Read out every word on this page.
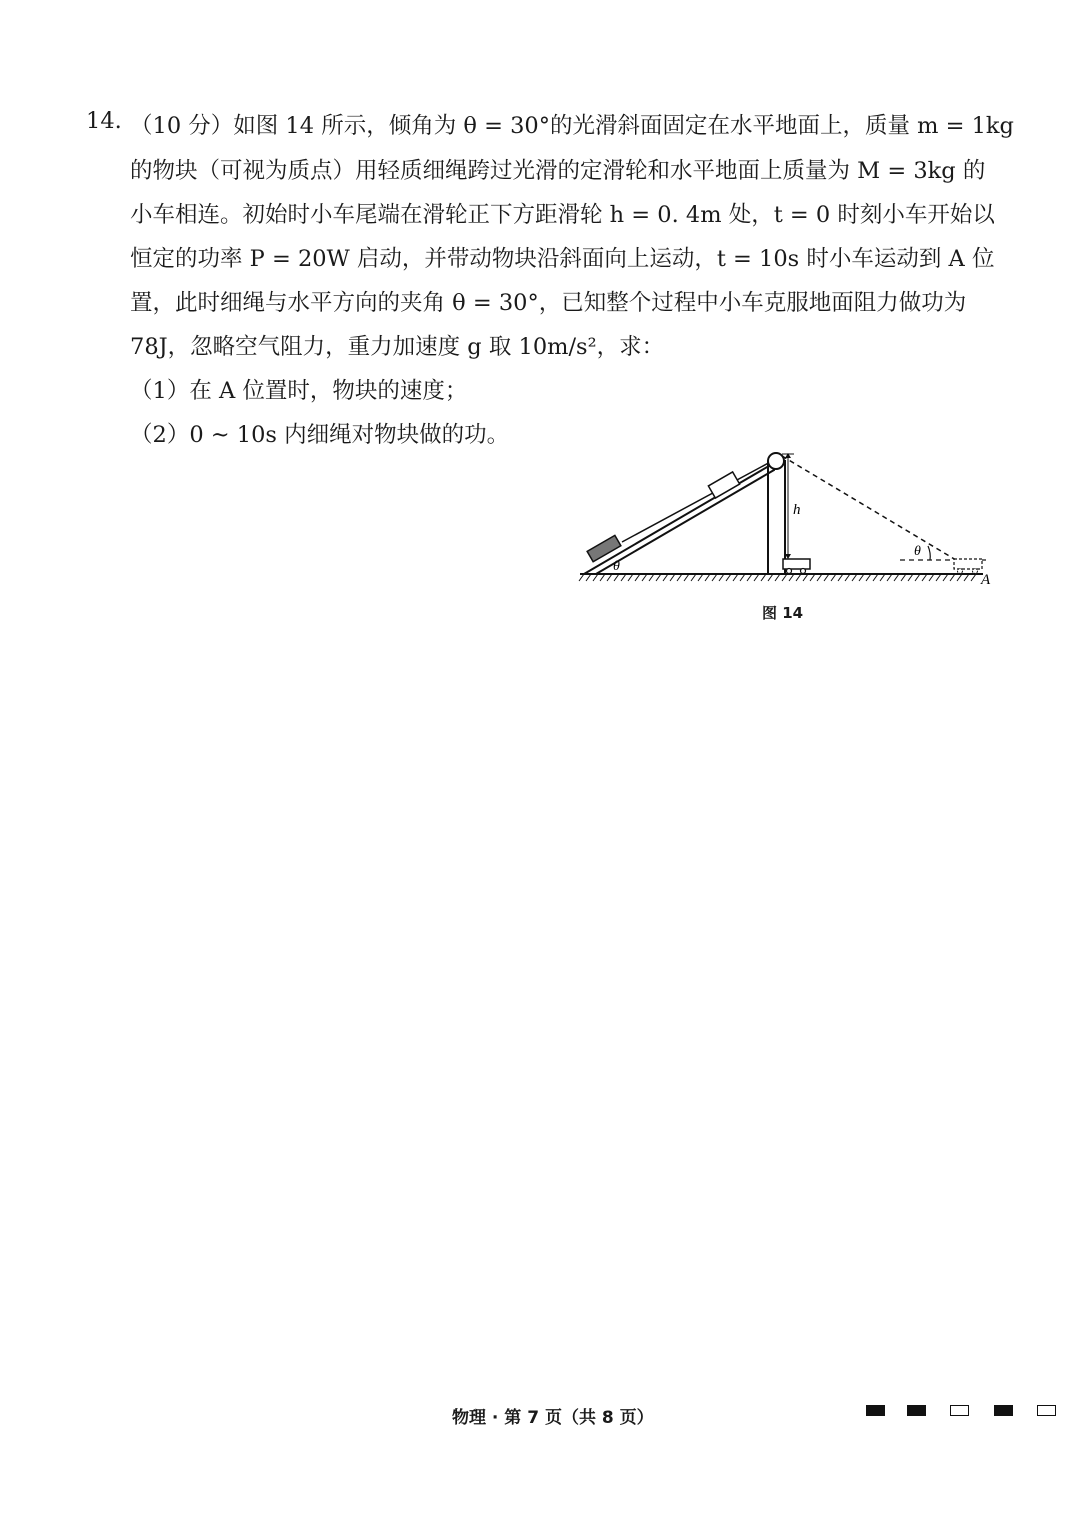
14. （10 分）如图 14 所示，倾角为 θ = 30°的光滑斜面固定在水平地面上，质量 m = 1kg
的物块（可视为质点）用轻质细绳跨过光滑的定滑轮和水平地面上质量为 M = 3kg 的
小车相连。初始时小车尾端在滑轮正下方距滑轮 h = 0. 4m 处，t = 0 时刻小车开始以
恒定的功率 P = 20W 启动，并带动物块沿斜面向上运动，t = 10s 时小车运动到 A 位
置，此时细绳与水平方向的夹角 θ = 30°，已知整个过程中小车克服地面阻力做功为
78J，忽略空气阻力，重力加速度 g 取 10m/s²，求：
（1）在 A 位置时，物块的速度；
（2）0 ~ 10s 内细绳对物块做的功。
h
θ
θ
A
图 14
物理 · 第 7 页（共 8 页）
